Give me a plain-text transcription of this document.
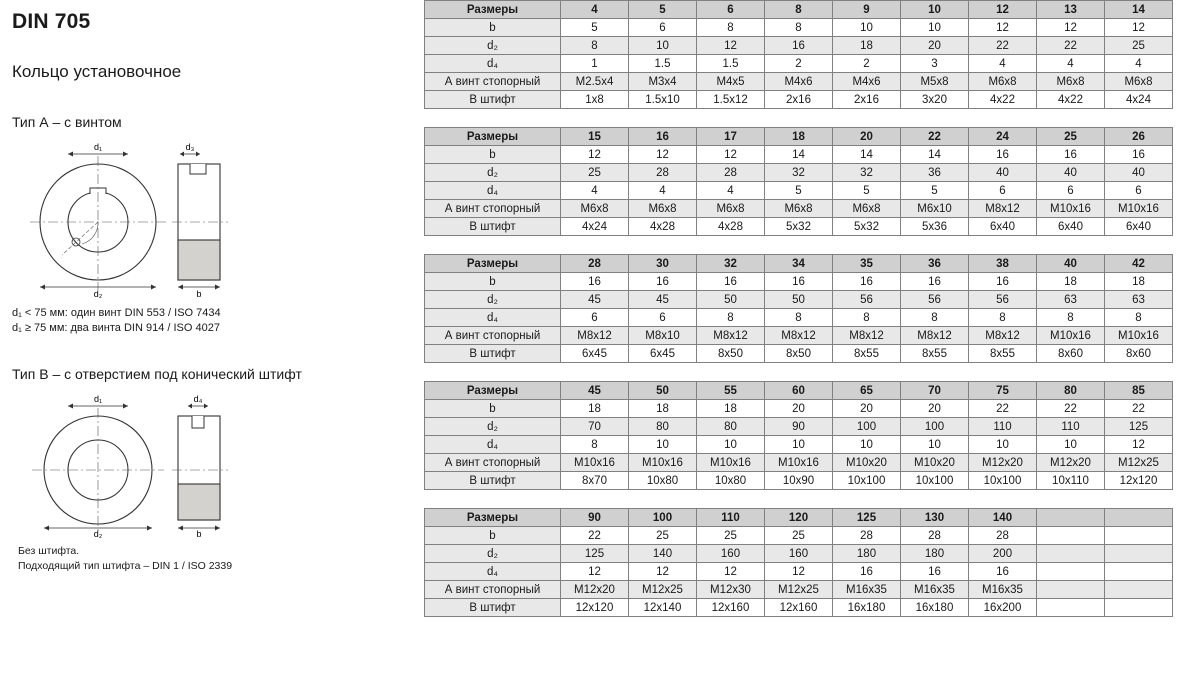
DIN 705
Кольцо установочное
Тип А – с винтом
d₁	d₃
d₂	b
d₁ < 75 мм: один винт DIN 553 / ISO 7434
d₁ ≥ 75 мм: два винта DIN 914 / ISO 4027
Тип В – с отверстием под конический штифт
d₁	d₄
d₂	b
Без штифта.
Подходящий тип штифта – DIN 1 / ISO 2339
Размеры	4	5	6	8	9	10	12	13	14
b	5	6	8	8	10	10	12	12	12
d₂	8	10	12	16	18	20	22	22	25
d₄	1	1.5	1.5	2	2	3	4	4	4
А винт стопорный	M2.5x4	M3x4	M4x5	M4x6	M4x6	M5x8	M6x8	M6x8	M6x8
В штифт	1x8	1.5x10	1.5x12	2x16	2x16	3x20	4x22	4x22	4x24
Размеры	15	16	17	18	20	22	24	25	26
b	12	12	12	14	14	14	16	16	16
d₂	25	28	28	32	32	36	40	40	40
d₄	4	4	4	5	5	5	6	6	6
А винт стопорный	M6x8	M6x8	M6x8	M6x8	M6x8	M6x10	M8x12	M10x16	M10x16
В штифт	4x24	4x28	4x28	5x32	5x32	5x36	6x40	6x40	6x40
Размеры	28	30	32	34	35	36	38	40	42
b	16	16	16	16	16	16	16	18	18
d₂	45	45	50	50	56	56	56	63	63
d₄	6	6	8	8	8	8	8	8	8
А винт стопорный	M8x12	M8x10	M8x12	M8x12	M8x12	M8x12	M8x12	M10x16	M10x16
В штифт	6x45	6x45	8x50	8x50	8x55	8x55	8x55	8x60	8x60
Размеры	45	50	55	60	65	70	75	80	85
b	18	18	18	20	20	20	22	22	22
d₂	70	80	80	90	100	100	110	110	125
d₄	8	10	10	10	10	10	10	10	12
А винт стопорный	M10x16	M10x16	M10x16	M10x16	M10x20	M10x20	M12x20	M12x20	M12x25
В штифт	8x70	10x80	10x80	10x90	10x100	10x100	10x100	10x110	12x120
Размеры	90	100	110	120	125	130	140		
b	22	25	25	25	28	28	28		
d₂	125	140	160	160	180	180	200		
d₄	12	12	12	12	16	16	16		
А винт стопорный	M12x20	M12x25	M12x30	M12x25	M16x35	M16x35	M16x35		
В штифт	12x120	12x140	12x160	12x160	16x180	16x180	16x200		
